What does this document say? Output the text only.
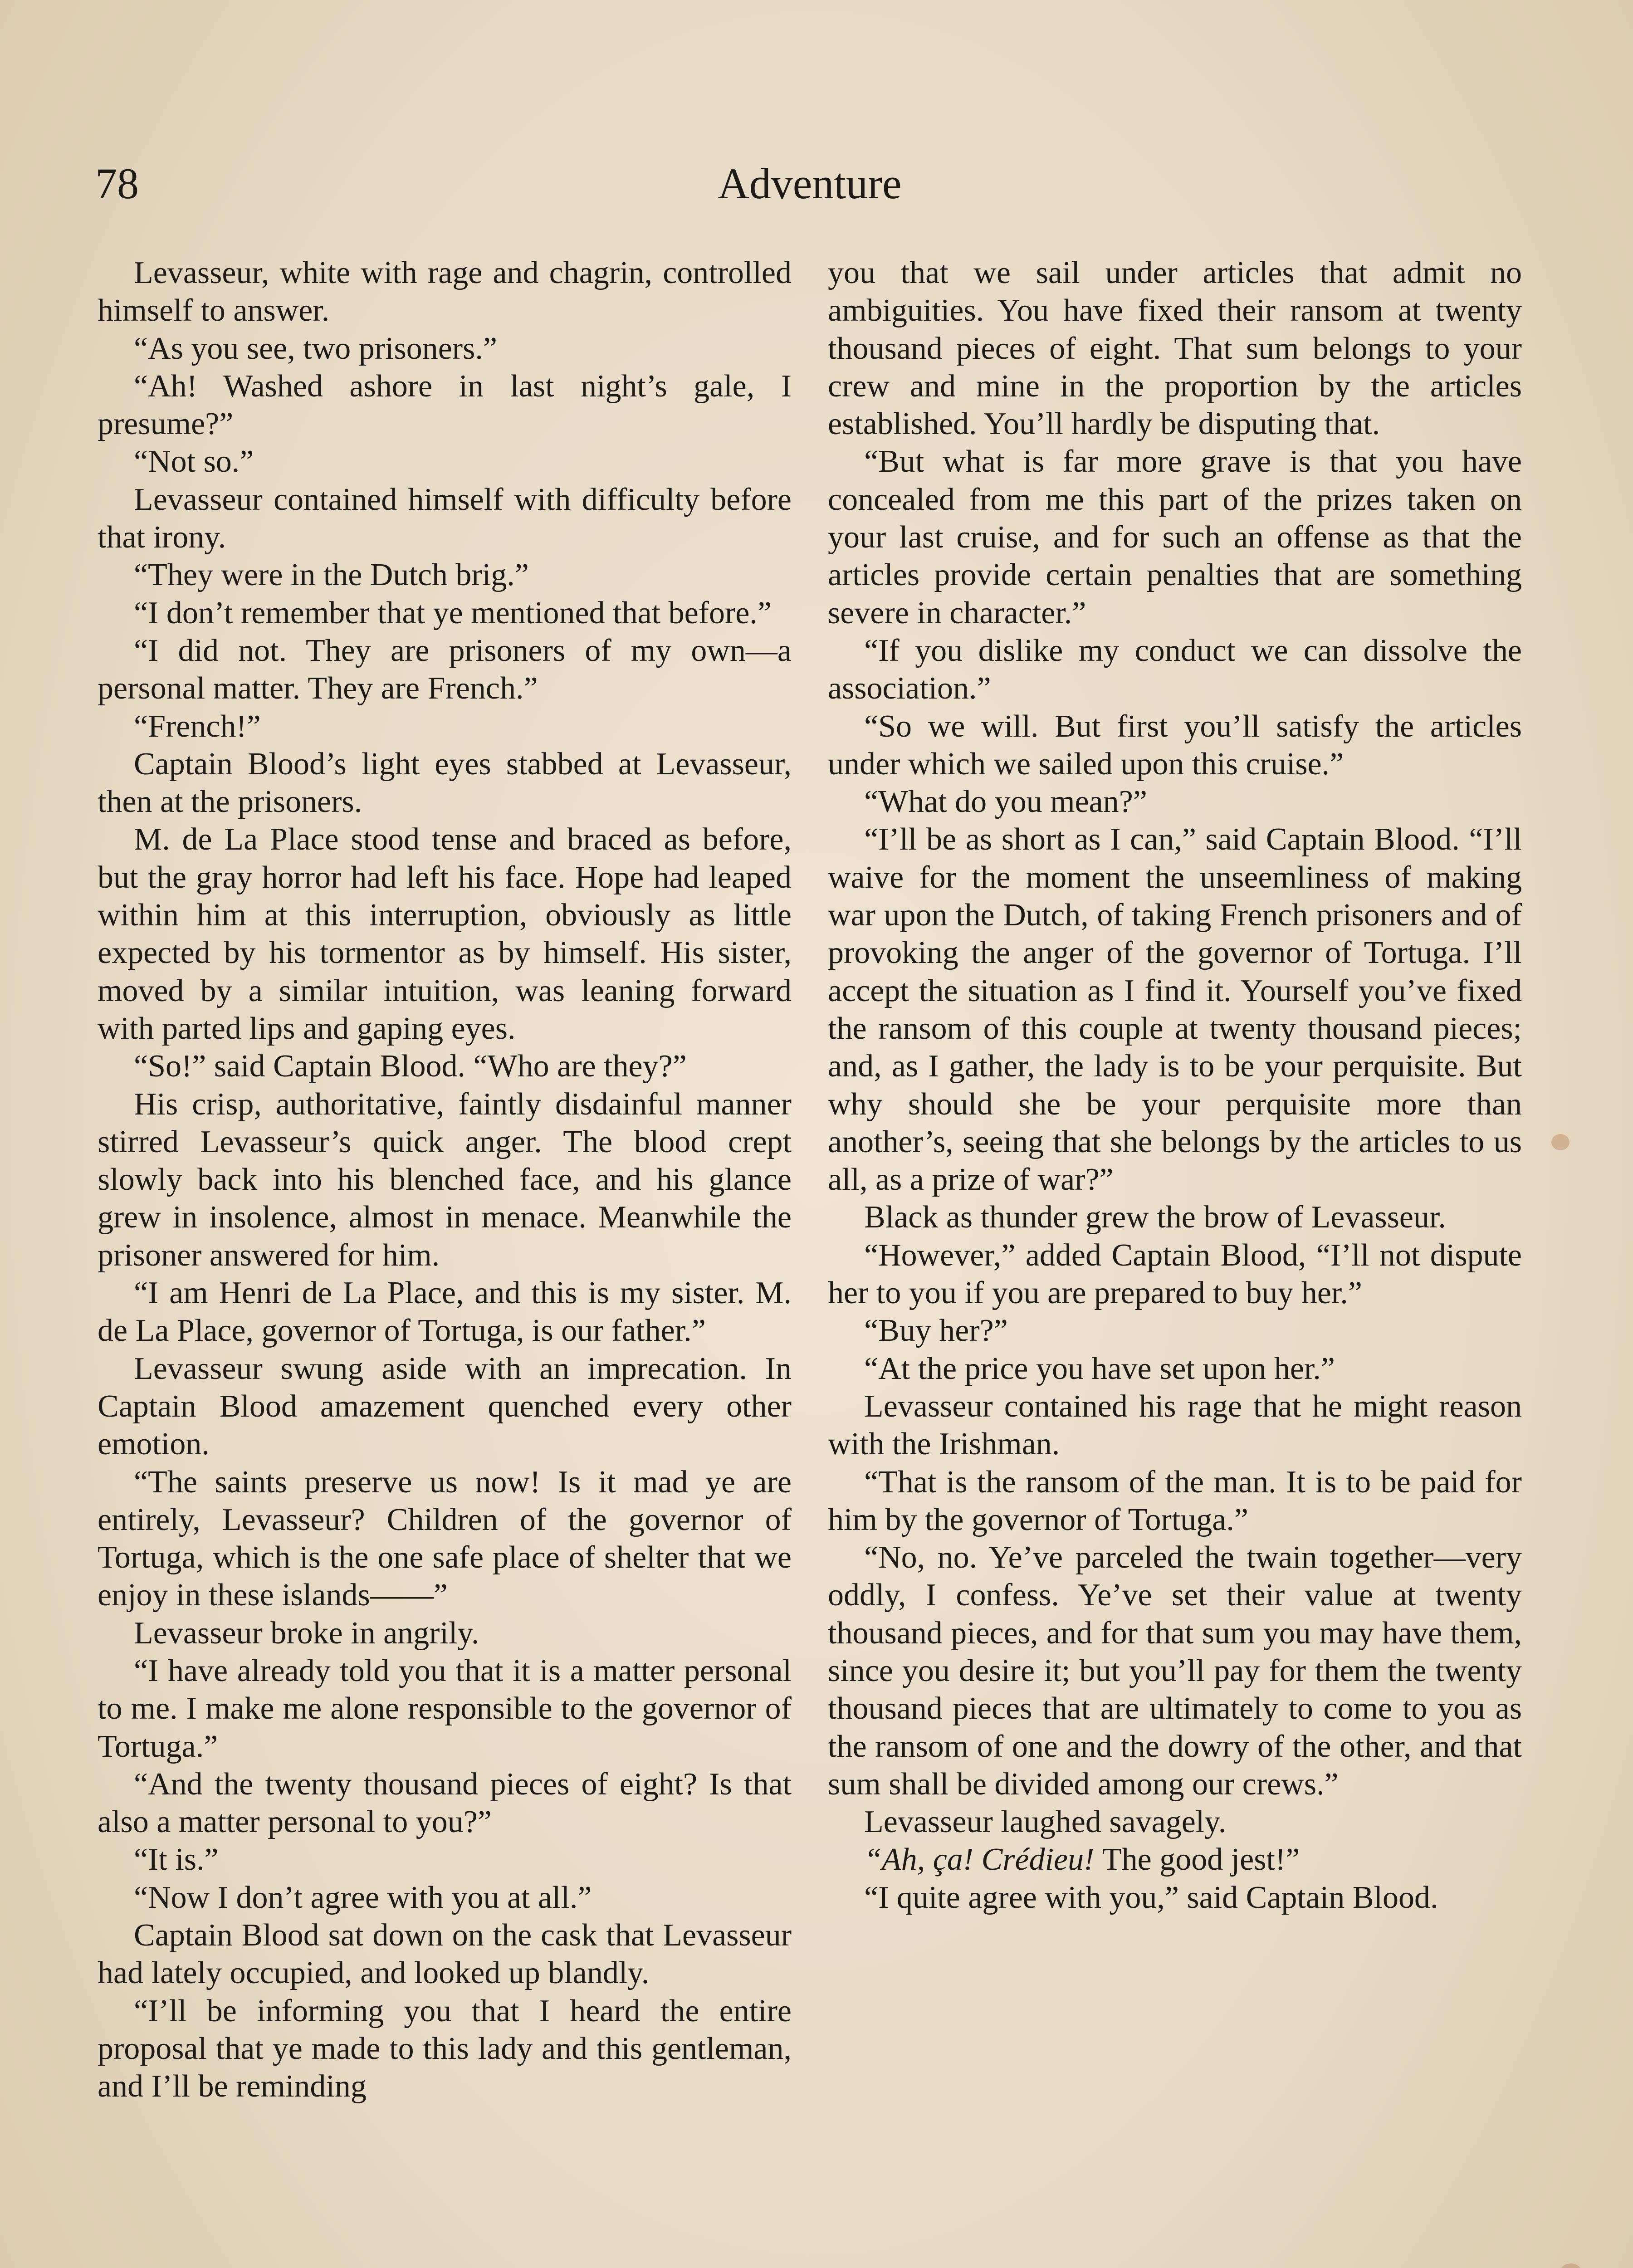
78	Adventure

Levasseur, white with rage and chagrin, controlled himself to answer.

“As you see, two prisoners.”

“Ah! Washed ashore in last night’s gale, I presume?”

“Not so.”

Levasseur contained himself with difficulty before that irony.

“They were in the Dutch brig.”

“I don’t remember that ye mentioned that before.”

“I did not. They are prisoners of my own—a personal matter. They are French.”

“French!”

Captain Blood’s light eyes stabbed at Levasseur, then at the prisoners.

M. de La Place stood tense and braced as before, but the gray horror had left his face. Hope had leaped within him at this interruption, obviously as little expected by his tormentor as by himself. His sister, moved by a similar intuition, was leaning forward with parted lips and gaping eyes.

“So!” said Captain Blood. “Who are they?”

His crisp, authoritative, faintly disdainful manner stirred Levasseur’s quick anger. The blood crept slowly back into his blenched face, and his glance grew in insolence, almost in menace. Meanwhile the prisoner answered for him.

“I am Henri de La Place, and this is my sister. M. de La Place, governor of Tortuga, is our father.”

Levasseur swung aside with an imprecation. In Captain Blood amazement quenched every other emotion.

“The saints preserve us now! Is it mad ye are entirely, Levasseur? Children of the governor of Tortuga, which is the one safe place of shelter that we enjoy in these islands——”

Levasseur broke in angrily.

“I have already told you that it is a matter personal to me. I make me alone responsible to the governor of Tortuga.”

“And the twenty thousand pieces of eight? Is that also a matter personal to you?”

“It is.”

“Now I don’t agree with you at all.”

Captain Blood sat down on the cask that Levasseur had lately occupied, and looked up blandly.

“I’ll be informing you that I heard the entire proposal that ye made to this lady and this gentleman, and I’ll be reminding

you that we sail under articles that admit no ambiguities. You have fixed their ransom at twenty thousand pieces of eight. That sum belongs to your crew and mine in the proportion by the articles established. You’ll hardly be disputing that.

“But what is far more grave is that you have concealed from me this part of the prizes taken on your last cruise, and for such an offense as that the articles provide certain penalties that are something severe in character.”

“If you dislike my conduct we can dissolve the association.”

“So we will. But first you’ll satisfy the articles under which we sailed upon this cruise.”

“What do you mean?”

“I’ll be as short as I can,” said Captain Blood. “I’ll waive for the moment the unseemliness of making war upon the Dutch, of taking French prisoners and of provoking the anger of the governor of Tortuga. I’ll accept the situation as I find it. Yourself you’ve fixed the ransom of this couple at twenty thousand pieces; and, as I gather, the lady is to be your perquisite. But why should she be your perquisite more than another’s, seeing that she belongs by the articles to us all, as a prize of war?”

Black as thunder grew the brow of Levasseur.

“However,” added Captain Blood, “I’ll not dispute her to you if you are prepared to buy her.”

“Buy her?”

“At the price you have set upon her.”

Levasseur contained his rage that he might reason with the Irishman.

“That is the ransom of the man. It is to be paid for him by the governor of Tortuga.”

“No, no. Ye’ve parceled the twain together—very oddly, I confess. Ye’ve set their value at twenty thousand pieces, and for that sum you may have them, since you desire it; but you’ll pay for them the twenty thousand pieces that are ultimately to come to you as the ransom of one and the dowry of the other, and that sum shall be divided among our crews.”

Levasseur laughed savagely.

“Ah, ça! Crédieu! The good jest!”

“I quite agree with you,” said Captain Blood.
